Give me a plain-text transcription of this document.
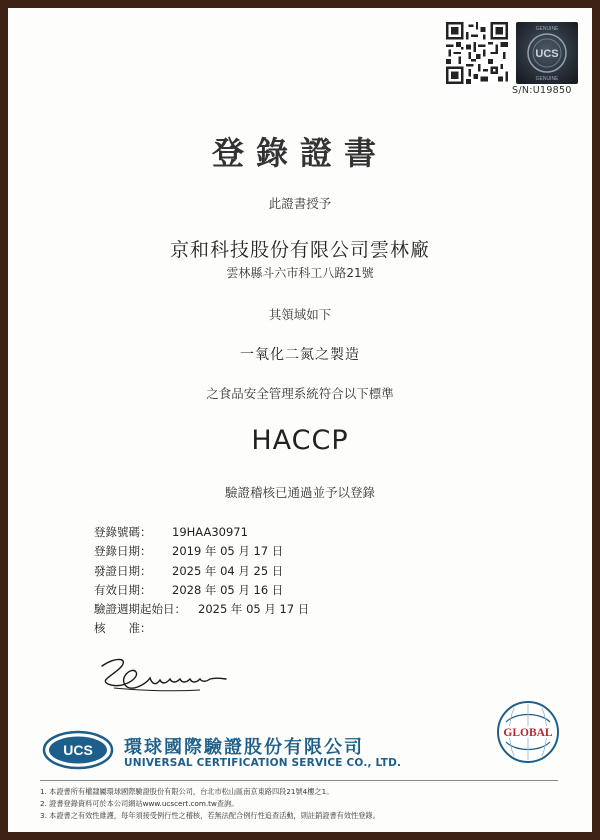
UCS
GENUINE
GENUINE
S/N:U19850
登錄證書
此證書授予
京和科技股份有限公司雲林廠
雲林縣斗六市科工八路21號
其領域如下
一氧化二氮之製造
之食品安全管理系統符合以下標準
HACCP
驗證稽核已通過並予以登錄
登錄號碼： 19HAA30971
登錄日期： 2019 年 05 月 17 日
發證日期： 2025 年 04 月 25 日
有效日期： 2028 年 05 月 16 日
驗證週期起始日： 2025 年 05 月 17 日
核　　准：
GLOBAL
UCS 環球國際驗證股份有限公司
UNIVERSAL CERTIFICATION SERVICE CO., LTD.
1. 本證書所有權隸屬環球國際驗證股份有限公司，台北市松山區南京東路四段21號4樓之1。
2. 證書登錄資料可於本公司網站www.ucscert.com.tw查詢。
3. 本證書之有效性維護，每年須接受例行性之稽核，若無法配合例行性追查活動，則註銷證書有效性登錄。
